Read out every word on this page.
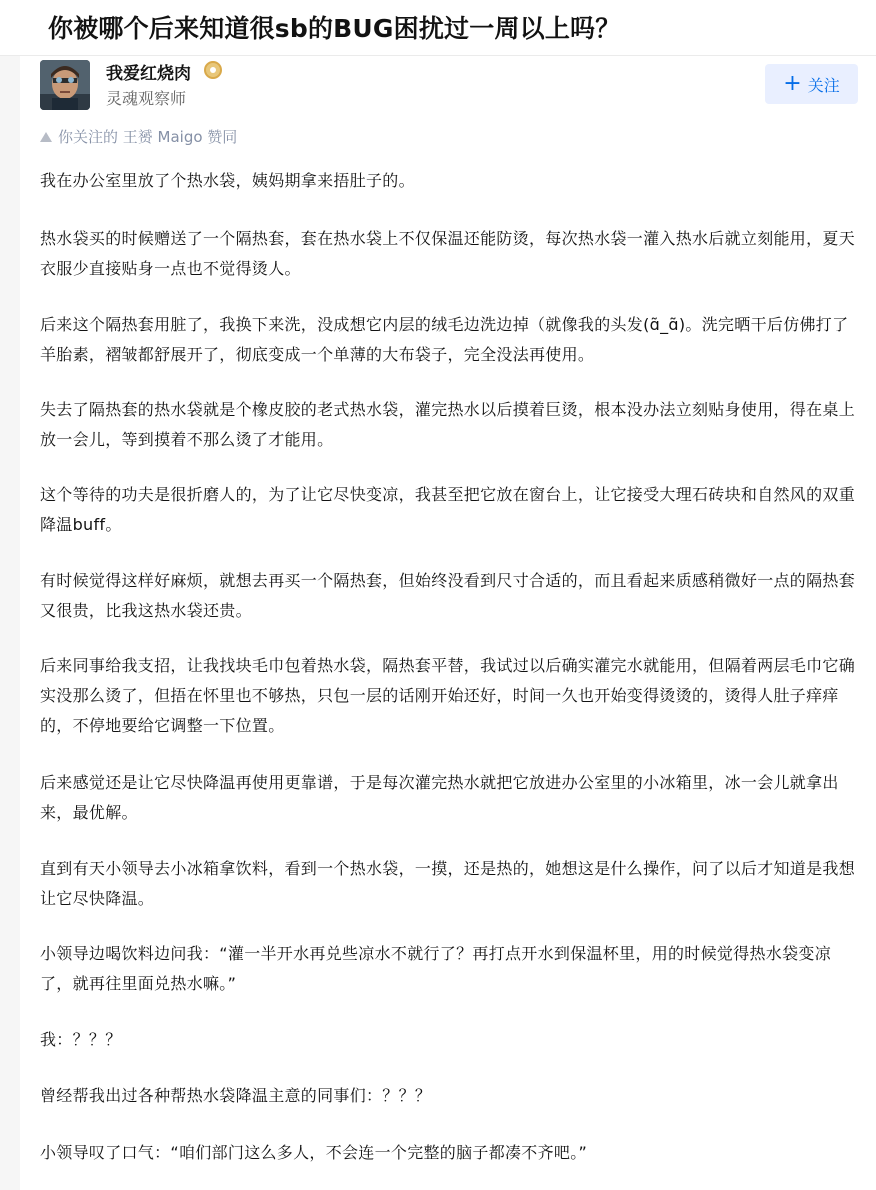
你被哪个后来知道很sb的BUG困扰过一周以上吗？
我爱红烧肉
灵魂观察师
+ 关注
你关注的 王赟 Maigo 赞同

我在办公室里放了个热水袋，姨妈期拿来捂肚子的。

热水袋买的时候赠送了一个隔热套，套在热水袋上不仅保温还能防烫，每次热水袋一灌入热水后就立刻能用，夏天衣服少直接贴身一点也不觉得烫人。

后来这个隔热套用脏了，我换下来洗，没成想它内层的绒毛边洗边掉（就像我的头发(ɑ̃_ɑ̃)。洗完晒干后仿佛打了羊胎素，褶皱都舒展开了，彻底变成一个单薄的大布袋子，完全没法再使用。

失去了隔热套的热水袋就是个橡皮胶的老式热水袋，灌完热水以后摸着巨烫，根本没办法立刻贴身使用，得在桌上放一会儿，等到摸着不那么烫了才能用。

这个等待的功夫是很折磨人的，为了让它尽快变凉，我甚至把它放在窗台上，让它接受大理石砖块和自然风的双重降温buff。

有时候觉得这样好麻烦，就想去再买一个隔热套，但始终没看到尺寸合适的，而且看起来质感稍微好一点的隔热套又很贵，比我这热水袋还贵。

后来同事给我支招，让我找块毛巾包着热水袋，隔热套平替，我试过以后确实灌完水就能用，但隔着两层毛巾它确实没那么烫了，但捂在怀里也不够热，只包一层的话刚开始还好，时间一久也开始变得烫烫的，烫得人肚子痒痒的，不停地要给它调整一下位置。

后来感觉还是让它尽快降温再使用更靠谱，于是每次灌完热水就把它放进办公室里的小冰箱里，冰一会儿就拿出来，最优解。

直到有天小领导去小冰箱拿饮料，看到一个热水袋，一摸，还是热的，她想这是什么操作，问了以后才知道是我想让它尽快降温。

小领导边喝饮料边问我：“灌一半开水再兑些凉水不就行了？再打点开水到保温杯里，用的时候觉得热水袋变凉了，就再往里面兑热水嘛。”

我：？？？

曾经帮我出过各种帮热水袋降温主意的同事们：？？？

小领导叹了口气：“咱们部门这么多人，不会连一个完整的脑子都凑不齐吧。”
